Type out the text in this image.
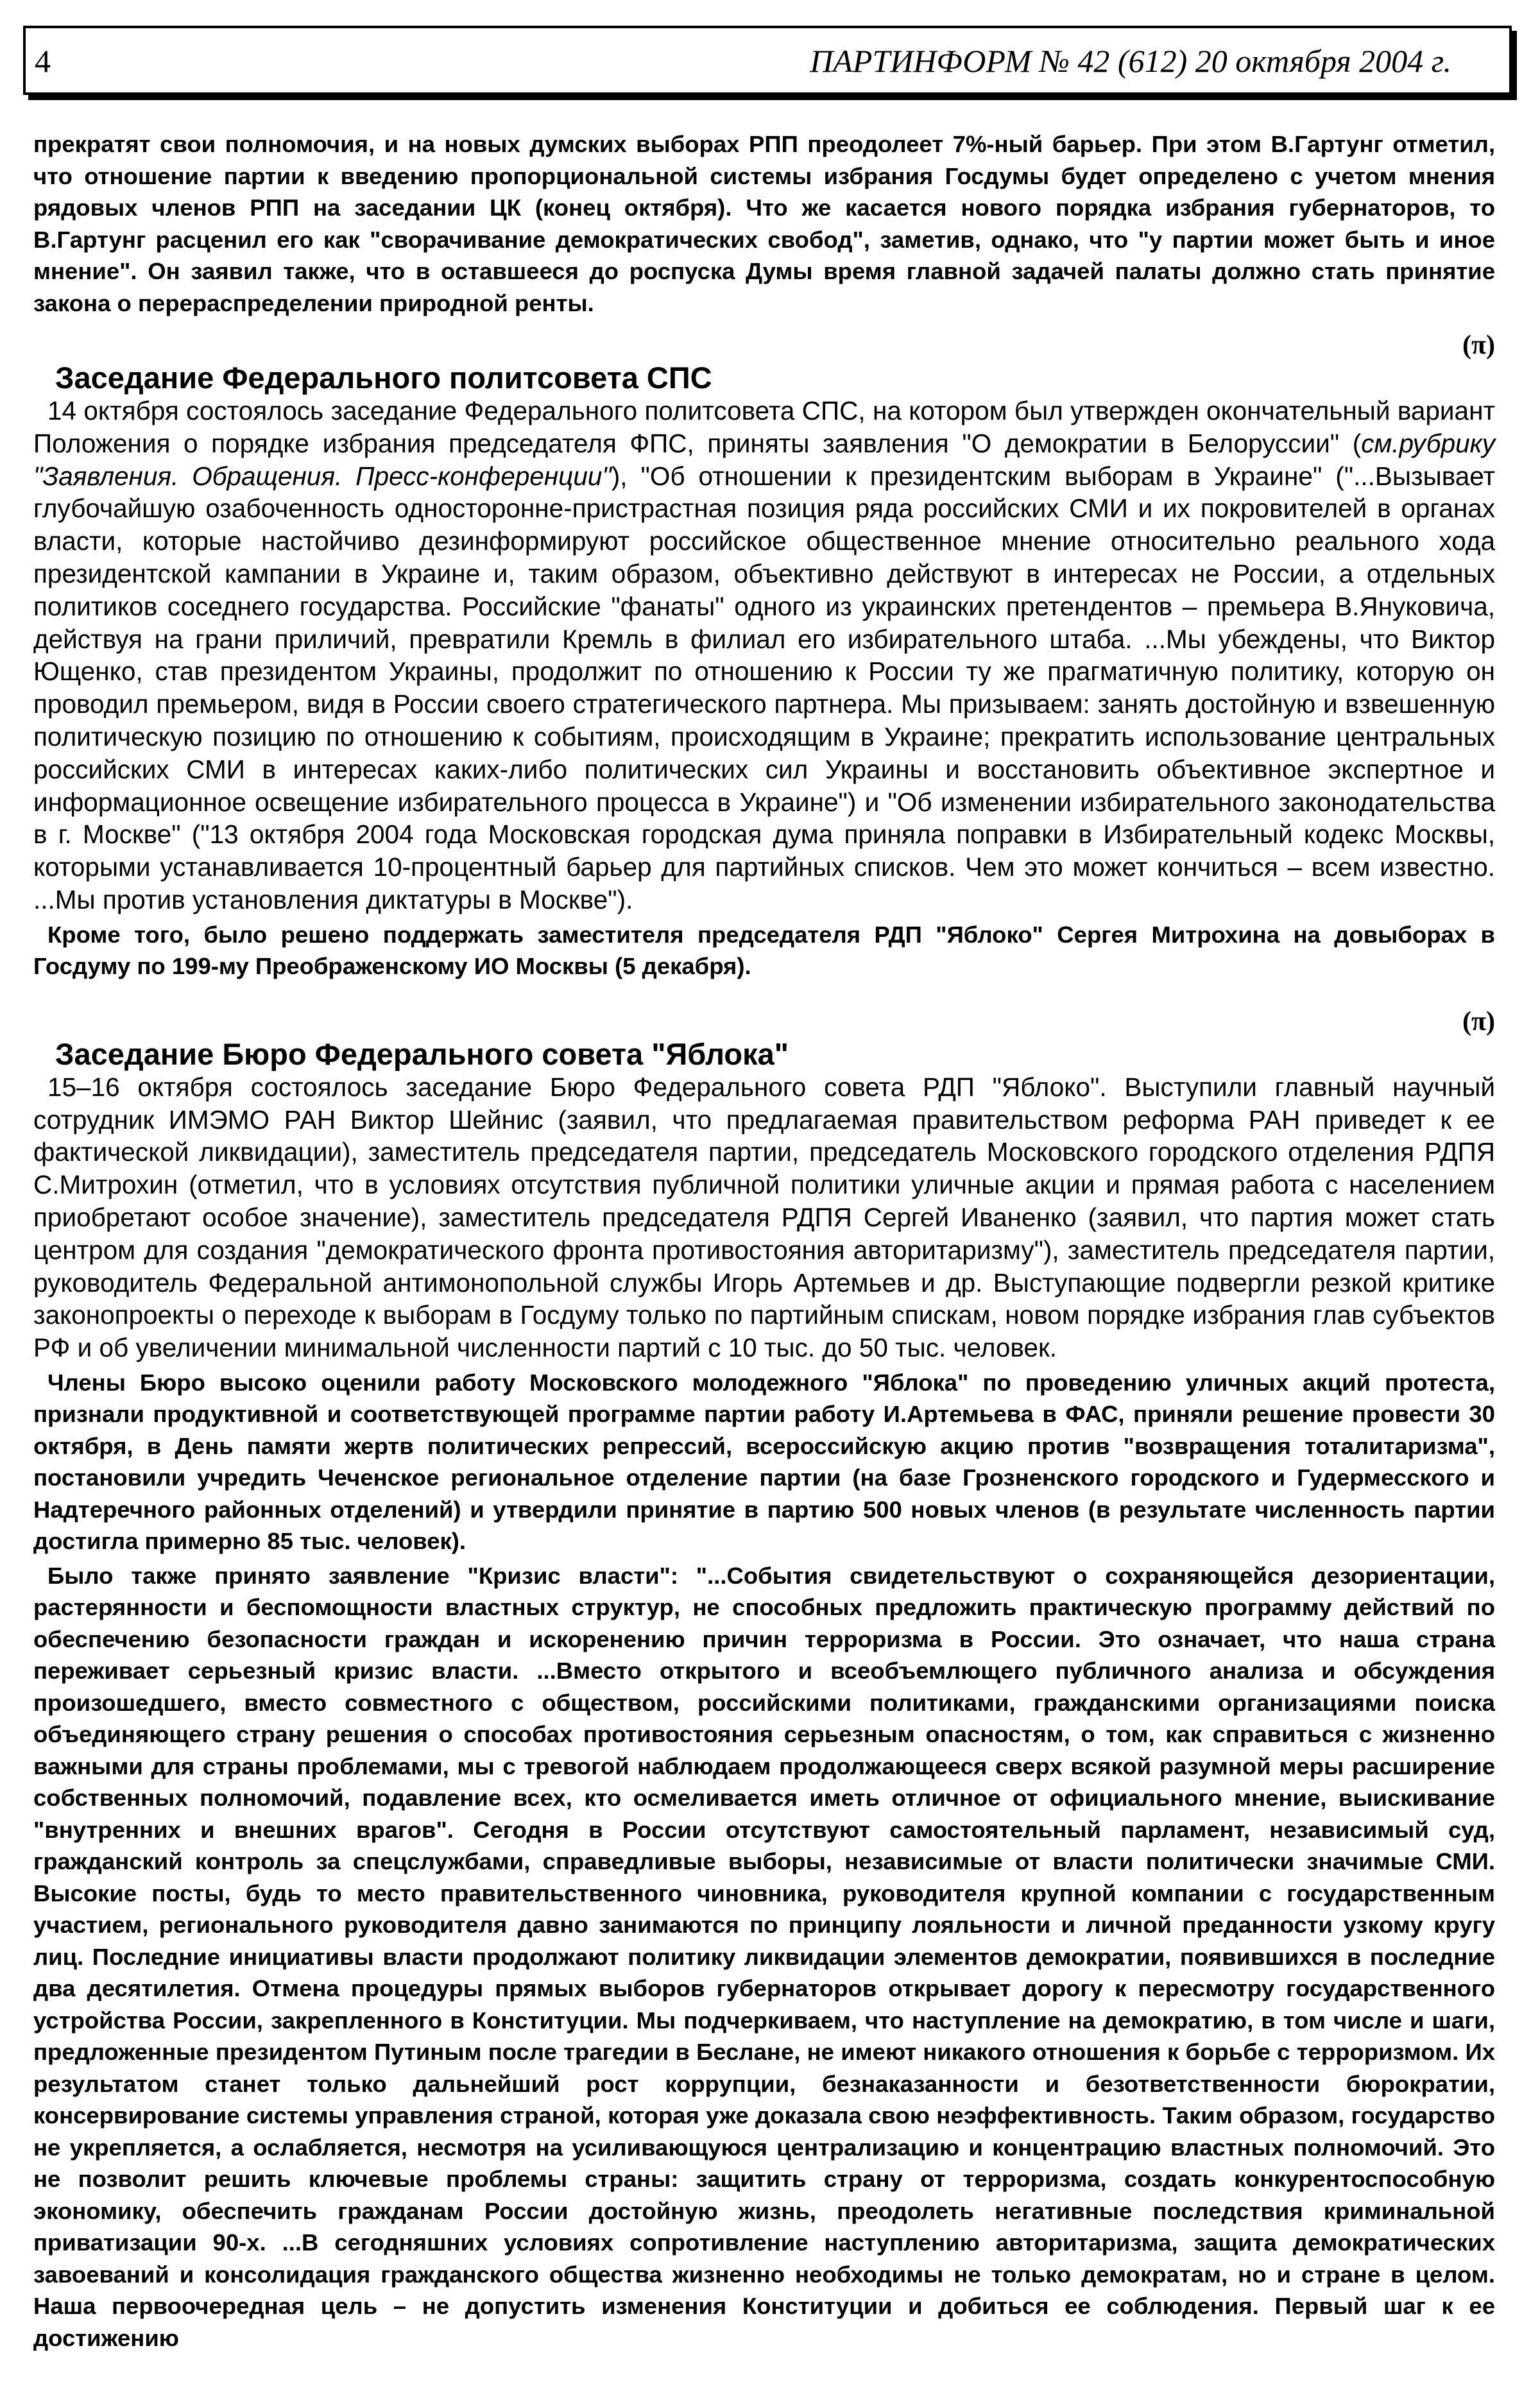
4	ПАРТИНФОРМ № 42 (612) 20 октября 2004 г.

прекратят свои полномочия, и на новых думских выборах РПП преодолеет 7%-ный барьер. При этом В.Гартунг отметил, что отношение партии к введению пропорциональной системы избрания Госдумы будет определено с учетом мнения рядовых членов РПП на заседании ЦК (конец октября). Что же касается нового порядка избрания губернаторов, то В.Гартунг расценил его как "сворачивание демократических свобод", заметив, однако, что "у партии может быть и иное мнение". Он заявил также, что в оставшееся до роспуска Думы время главной задачей палаты должно стать принятие закона о перераспределении природной ренты.

(π)
Заседание Федерального политсовета СПС

14 октября состоялось заседание Федерального политсовета СПС, на котором был утвержден окончательный вариант Положения о порядке избрания председателя ФПС, приняты заявления "О демократии в Белоруссии" (см.рубрику "Заявления. Обращения. Пресс-конференции"), "Об отношении к президентским выборам в Украине" ("...Вызывает глубочайшую озабоченность односторонне-пристрастная позиция ряда российских СМИ и их покровителей в органах власти, которые настойчиво дезинформируют российское общественное мнение относительно реального хода президентской кампании в Украине и, таким образом, объективно действуют в интересах не России, а отдельных политиков соседнего государства. Российские "фанаты" одного из украинских претендентов – премьера В.Януковича, действуя на грани приличий, превратили Кремль в филиал его избирательного штаба. ...Мы убеждены, что Виктор Ющенко, став президентом Украины, продолжит по отношению к России ту же прагматичную политику, которую он проводил премьером, видя в России своего стратегического партнера. Мы призываем: занять достойную и взвешенную политическую позицию по отношению к событиям, происходящим в Украине; прекратить использование центральных российских СМИ в интересах каких-либо политических сил Украины и восстановить объективное экспертное и информационное освещение избирательного процесса в Украине") и "Об изменении избирательного законодательства в г. Москве" ("13 октября 2004 года Московская городская дума приняла поправки в Избирательный кодекс Москвы, которыми устанавливается 10-процентный барьер для партийных списков. Чем это может кончиться – всем известно. ...Мы против установления диктатуры в Москве").

Кроме того, было решено поддержать заместителя председателя РДП "Яблоко" Сергея Митрохина на довыборах в Госдуму по 199-му Преображенскому ИО Москвы (5 декабря).

(π)
Заседание Бюро Федерального совета "Яблока"

15–16 октября состоялось заседание Бюро Федерального совета РДП "Яблоко". Выступили главный научный сотрудник ИМЭМО РАН Виктор Шейнис (заявил, что предлагаемая правительством реформа РАН приведет к ее фактической ликвидации), заместитель председателя партии, председатель Московского городского отделения РДПЯ С.Митрохин (отметил, что в условиях отсутствия публичной политики уличные акции и прямая работа с населением приобретают особое значение), заместитель председателя РДПЯ Сергей Иваненко (заявил, что партия может стать центром для создания "демократического фронта противостояния авторитаризму"), заместитель председателя партии, руководитель Федеральной антимонопольной службы Игорь Артемьев и др. Выступающие подвергли резкой критике законопроекты о переходе к выборам в Госдуму только по партийным спискам, новом порядке избрания глав субъектов РФ и об увеличении минимальной численности партий с 10 тыс. до 50 тыс. человек.

Члены Бюро высоко оценили работу Московского молодежного "Яблока" по проведению уличных акций протеста, признали продуктивной и соответствующей программе партии работу И.Артемьева в ФАС, приняли решение провести 30 октября, в День памяти жертв политических репрессий, всероссийскую акцию против "возвращения тоталитаризма", постановили учредить Чеченское региональное отделение партии (на базе Грозненского городского и Гудермесского и Надтеречного районных отделений) и утвердили принятие в партию 500 новых членов (в результате численность партии достигла примерно 85 тыс. человек).

Было также принято заявление "Кризис власти": "...События свидетельствуют о сохраняющейся дезориентации, растерянности и беспомощности властных структур, не способных предложить практическую программу действий по обеспечению безопасности граждан и искоренению причин терроризма в России. Это означает, что наша страна переживает серьезный кризис власти. ...Вместо открытого и всеобъемлющего публичного анализа и обсуждения произошедшего, вместо совместного с обществом, российскими политиками, гражданскими организациями поиска объединяющего страну решения о способах противостояния серьезным опасностям, о том, как справиться с жизненно важными для страны проблемами, мы с тревогой наблюдаем продолжающееся сверх всякой разумной меры расширение собственных полномочий, подавление всех, кто осмеливается иметь отличное от официального мнение, выискивание "внутренних и внешних врагов". Сегодня в России отсутствуют самостоятельный парламент, независимый суд, гражданский контроль за спецслужбами, справедливые выборы, независимые от власти политически значимые СМИ. Высокие посты, будь то место правительственного чиновника, руководителя крупной компании с государственным участием, регионального руководителя давно занимаются по принципу лояльности и личной преданности узкому кругу лиц. Последние инициативы власти продолжают политику ликвидации элементов демократии, появившихся в последние два десятилетия. Отмена процедуры прямых выборов губернаторов открывает дорогу к пересмотру государственного устройства России, закрепленного в Конституции. Мы подчеркиваем, что наступление на демократию, в том числе и шаги, предложенные президентом Путиным после трагедии в Беслане, не имеют никакого отношения к борьбе с терроризмом. Их результатом станет только дальнейший рост коррупции, безнаказанности и безответственности бюрократии, консервирование системы управления страной, которая уже доказала свою неэффективность. Таким образом, государство не укрепляется, а ослабляется, несмотря на усиливающуюся централизацию и концентрацию властных полномочий. Это не позволит решить ключевые проблемы страны: защитить страну от терроризма, создать конкурентоспособную экономику, обеспечить гражданам России достойную жизнь, преодолеть негативные последствия криминальной приватизации 90-х. ...В сегодняшних условиях сопротивление наступлению авторитаризма, защита демократических завоеваний и консолидация гражданского общества жизненно необходимы не только демократам, но и стране в целом. Наша первоочередная цель – не допустить изменения Конституции и добиться ее соблюдения. Первый шаг к ее достижению
